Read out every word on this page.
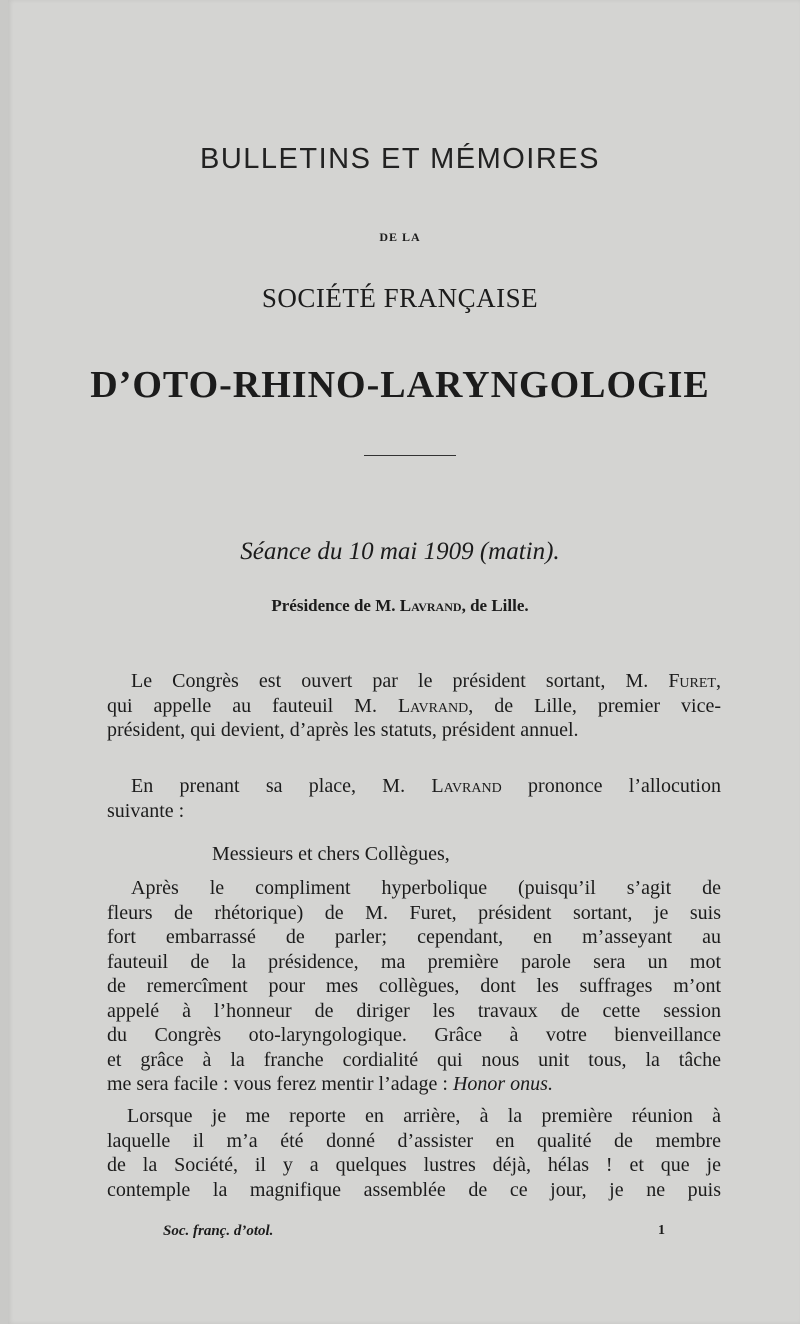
BULLETINS ET MÉMOIRES
DE LA
SOCIÉTÉ FRANÇAISE
D’OTO-RHINO-LARYNGOLOGIE
Séance du 10 mai 1909 (matin).
Présidence de M. Lavrand, de Lille.
Le Congrès est ouvert par le président sortant, M. Furet,
qui appelle au fauteuil M. Lavrand, de Lille, premier vice-
président, qui devient, d’après les statuts, président annuel.
En prenant sa place, M. Lavrand prononce l’allocution
suivante :
Messieurs et chers Collègues,
Après le compliment hyperbolique (puisqu’il s’agit de
fleurs de rhétorique) de M. Furet, président sortant, je suis
fort embarrassé de parler; cependant, en m’asseyant au
fauteuil de la présidence, ma première parole sera un mot
de remercîment pour mes collègues, dont les suffrages m’ont
appelé à l’honneur de diriger les travaux de cette session
du Congrès oto-laryngologique. Grâce à votre bienveillance
et grâce à la franche cordialité qui nous unit tous, la tâche
me sera facile : vous ferez mentir l’adage : Honor onus.
Lorsque je me reporte en arrière, à la première réunion à
laquelle il m’a été donné d’assister en qualité de membre
de la Société, il y a quelques lustres déjà, hélas ! et que je
contemple la magnifique assemblée de ce jour, je ne puis
Soc. franç. d’otol.	1
